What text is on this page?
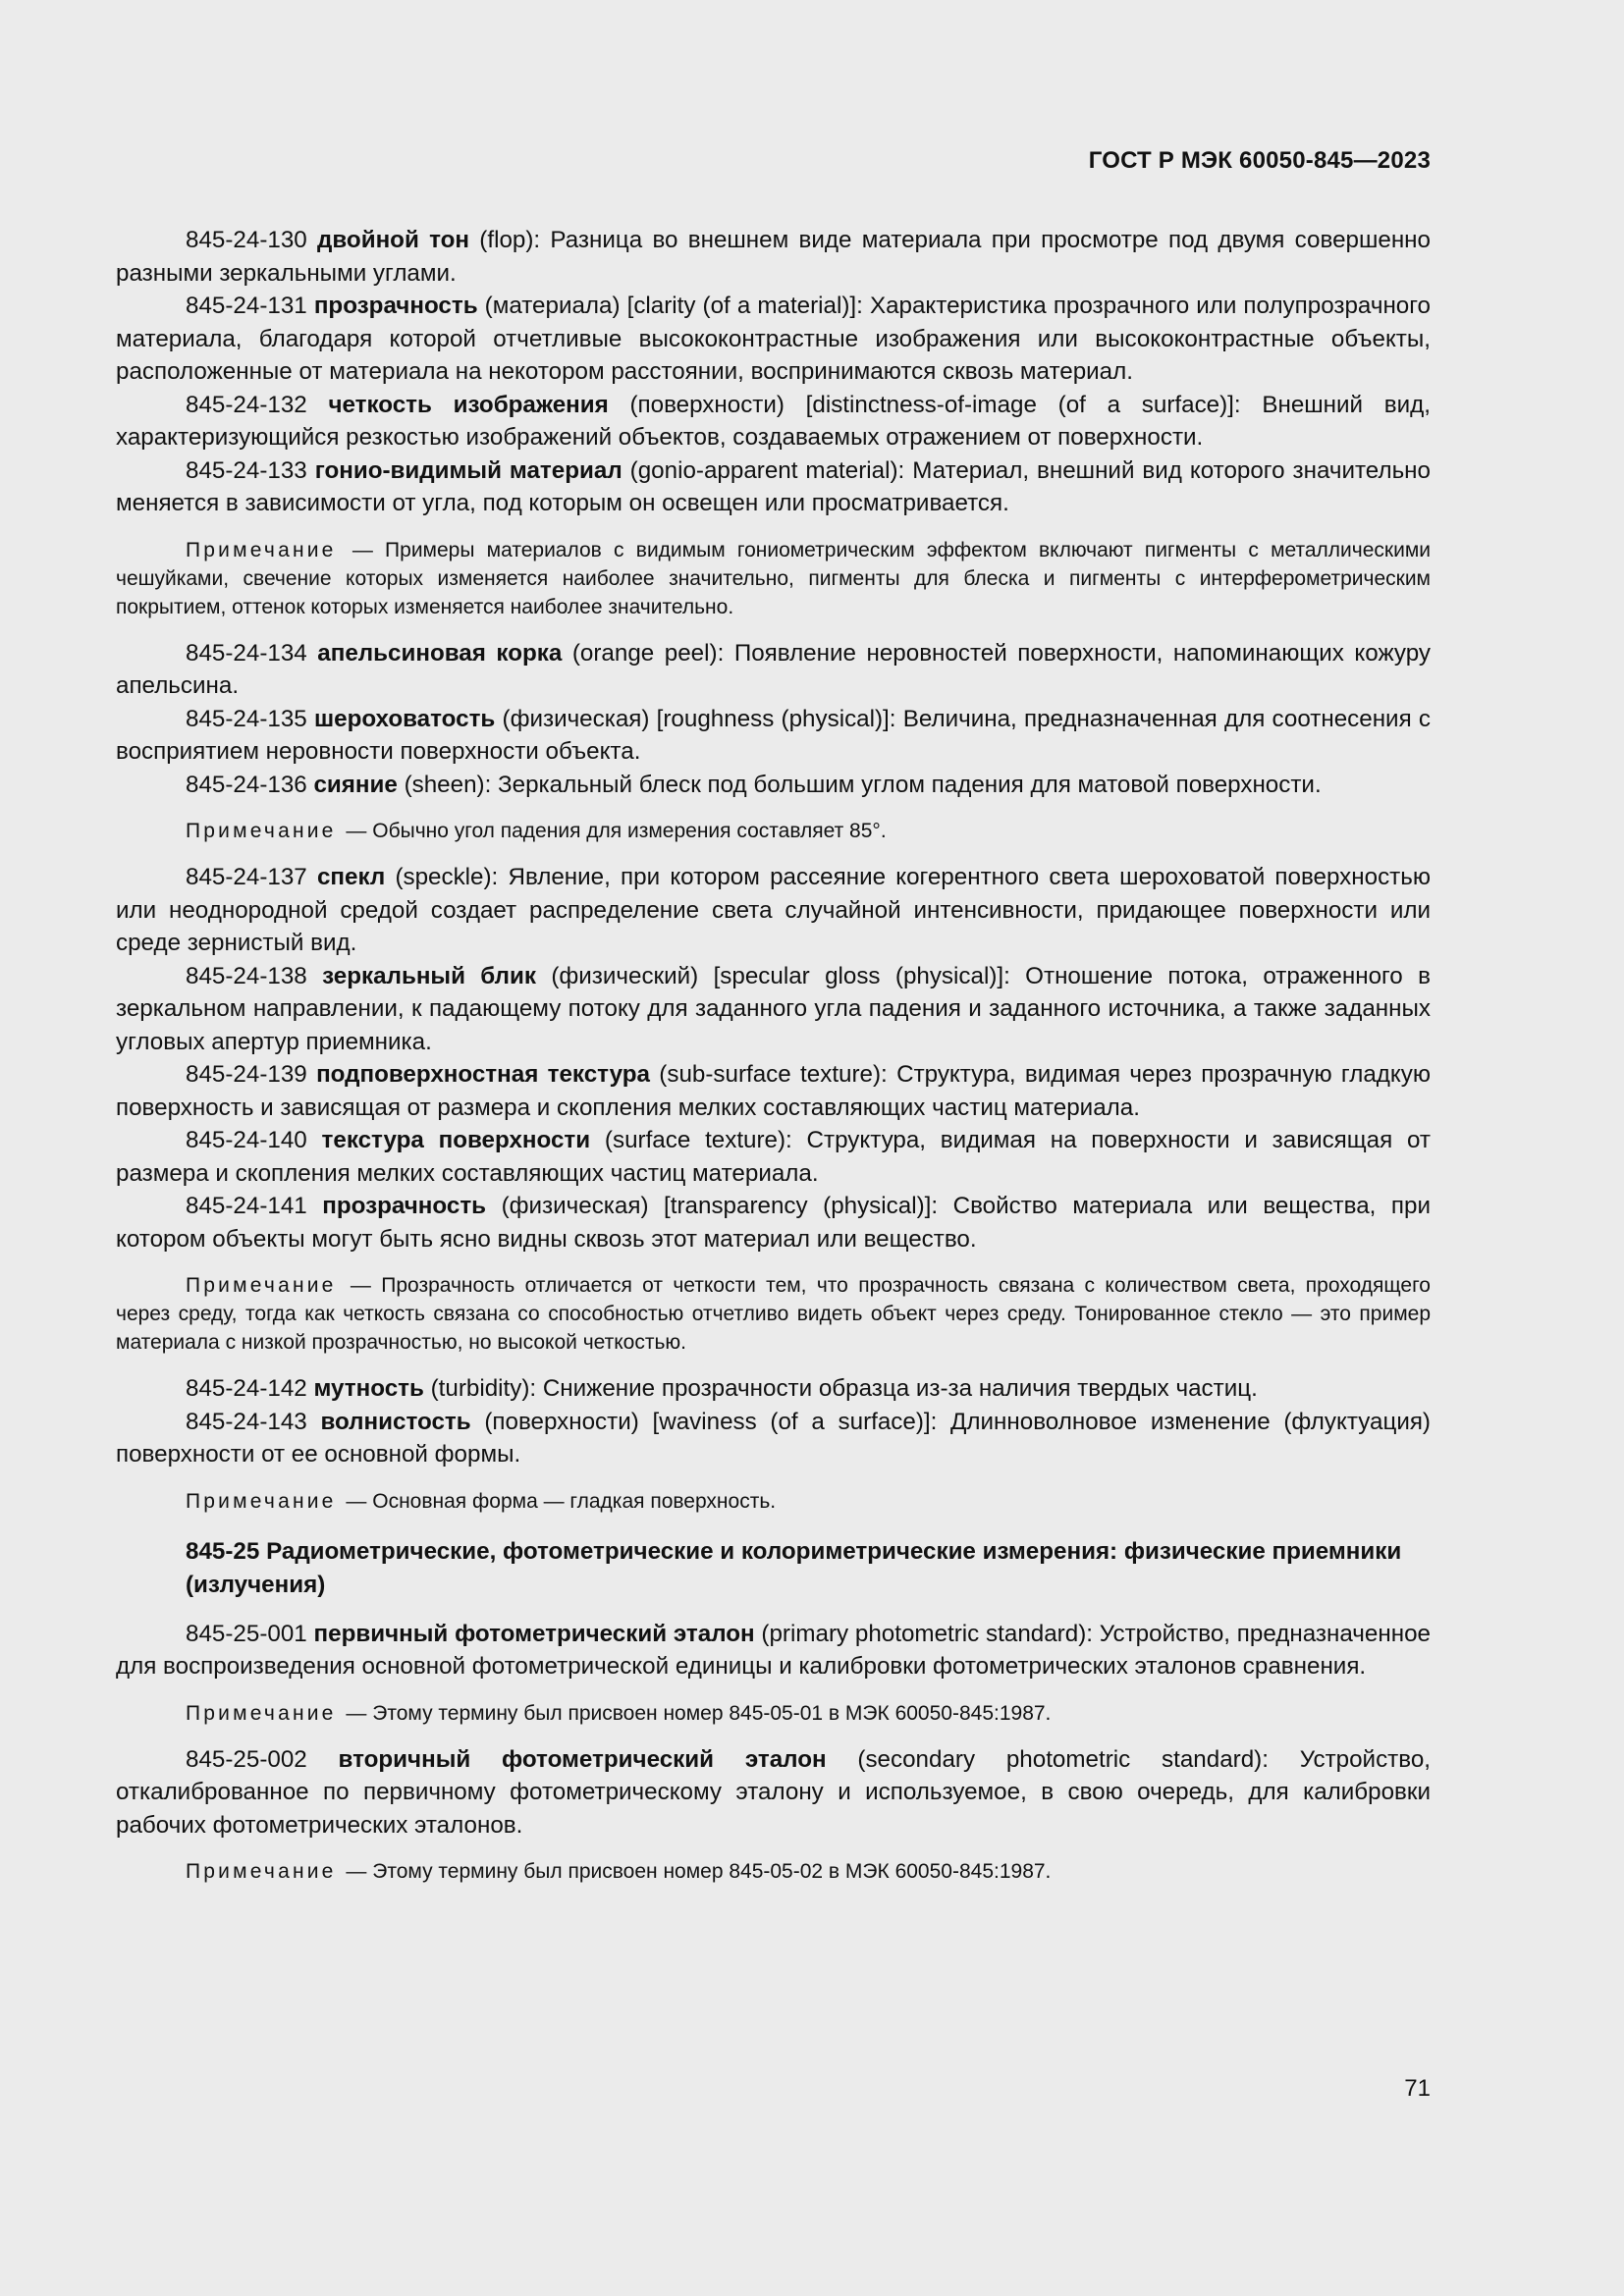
ГОСТ Р МЭК 60050-845—2023

845-24-130 двойной тон (flop): Разница во внешнем виде материала при просмотре под двумя совершенно разными зеркальными углами.

845-24-131 прозрачность (материала) [clarity (of a material)]: Характеристика прозрачного или полупрозрачного материала, благодаря которой отчетливые высококонтрастные изображения или высококонтрастные объекты, расположенные от материала на некотором расстоянии, воспринимаются сквозь материал.

845-24-132 четкость изображения (поверхности) [distinctness-of-image (of a surface)]: Внешний вид, характеризующийся резкостью изображений объектов, создаваемых отражением от поверхности.

845-24-133 гонио-видимый материал (gonio-apparent material): Материал, внешний вид которого значительно меняется в зависимости от угла, под которым он освещен или просматривается.

Примечание — Примеры материалов с видимым гониометрическим эффектом включают пигменты с металлическими чешуйками, свечение которых изменяется наиболее значительно, пигменты для блеска и пигменты с интерферометрическим покрытием, оттенок которых изменяется наиболее значительно.

845-24-134 апельсиновая корка (orange peel): Появление неровностей поверхности, напоминающих кожуру апельсина.

845-24-135 шероховатость (физическая) [roughness (physical)]: Величина, предназначенная для соотнесения с восприятием неровности поверхности объекта.

845-24-136 сияние (sheen): Зеркальный блеск под большим углом падения для матовой поверхности.

Примечание — Обычно угол падения для измерения составляет 85°.

845-24-137 спекл (speckle): Явление, при котором рассеяние когерентного света шероховатой поверхностью или неоднородной средой создает распределение света случайной интенсивности, придающее поверхности или среде зернистый вид.

845-24-138 зеркальный блик (физический) [specular gloss (physical)]: Отношение потока, отраженного в зеркальном направлении, к падающему потоку для заданного угла падения и заданного источника, а также заданных угловых апертур приемника.

845-24-139 подповерхностная текстура (sub-surface texture): Структура, видимая через прозрачную гладкую поверхность и зависящая от размера и скопления мелких составляющих частиц материала.

845-24-140 текстура поверхности (surface texture): Структура, видимая на поверхности и зависящая от размера и скопления мелких составляющих частиц материала.

845-24-141 прозрачность (физическая) [transparency (physical)]: Свойство материала или вещества, при котором объекты могут быть ясно видны сквозь этот материал или вещество.

Примечание — Прозрачность отличается от четкости тем, что прозрачность связана с количеством света, проходящего через среду, тогда как четкость связана со способностью отчетливо видеть объект через среду. Тонированное стекло — это пример материала с низкой прозрачностью, но высокой четкостью.

845-24-142 мутность (turbidity): Снижение прозрачности образца из-за наличия твердых частиц.

845-24-143 волнистость (поверхности) [waviness (of a surface)]: Длинноволновое изменение (флуктуация) поверхности от ее основной формы.

Примечание — Основная форма — гладкая поверхность.

845-25 Радиометрические, фотометрические и колориметрические измерения: физические приемники (излучения)

845-25-001 первичный фотометрический эталон (primary photometric standard): Устройство, предназначенное для воспроизведения основной фотометрической единицы и калибровки фотометрических эталонов сравнения.

Примечание — Этому термину был присвоен номер 845-05-01 в МЭК 60050-845:1987.

845-25-002 вторичный фотометрический эталон (secondary photometric standard): Устройство, откалиброванное по первичному фотометрическому эталону и используемое, в свою очередь, для калибровки рабочих фотометрических эталонов.

Примечание — Этому термину был присвоен номер 845-05-02 в МЭК 60050-845:1987.

71
